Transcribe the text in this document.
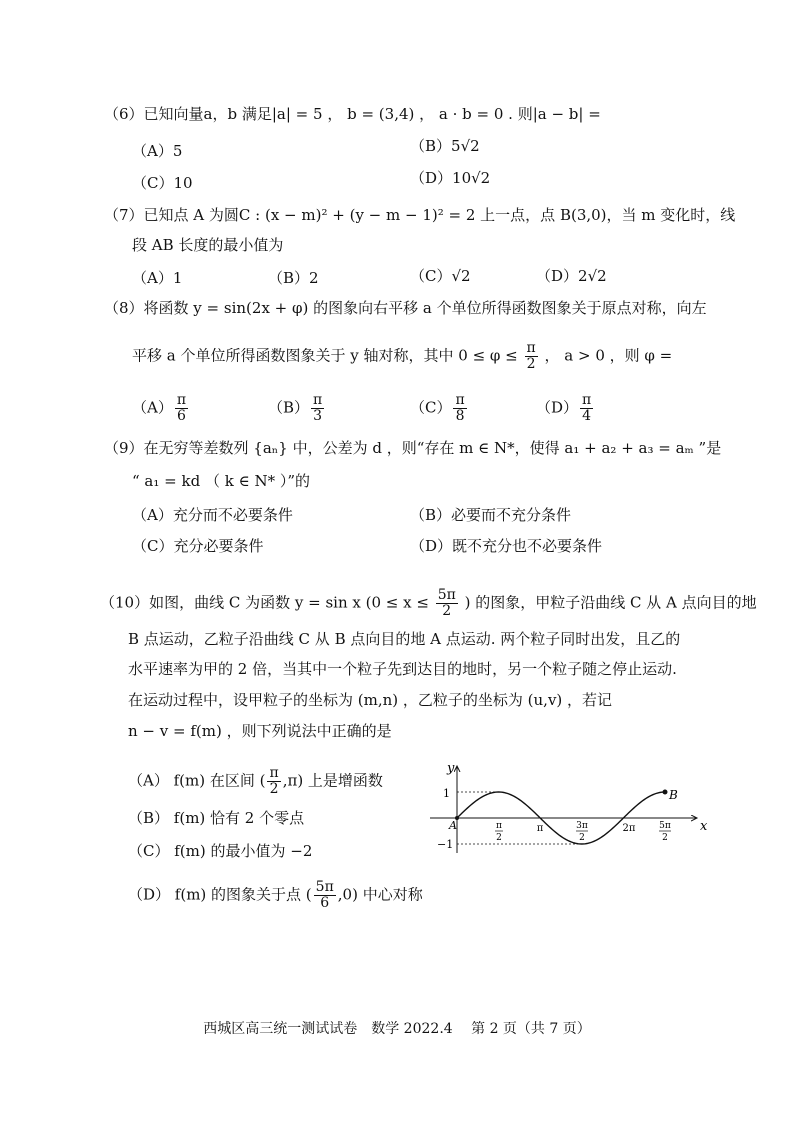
（6）已知向量a，b 满足|a| = 5 ， b = (3,4) ， a · b = 0 . 则|a − b| =
（A）5	（B）5√2
（C）10	（D）10√2
（7）已知点 A 为圆C : (x − m)² + (y − m − 1)² = 2 上一点，点 B(3,0)，当 m 变化时，线
段 AB 长度的最小值为
（A）1	（B）2	（C）√2	（D）2√2
（8）将函数 y = sin(2x + φ) 的图象向右平移 a 个单位所得函数图象关于原点对称，向左
平移 a 个单位所得函数图象关于 y 轴对称，其中 $0 \le \varphi \le \frac{\pi}{2}$ ， a > 0 ，则 φ =
$(A) \frac{\pi}{6}$	$(B) \frac{\pi}{3}$	$(C) \frac{\pi}{8}$	$(D) \frac{\pi}{4}$
（9）在无穷等差数列 {aₙ} 中，公差为 d ，则“存在 m ∈ N*，使得 a₁ + a₂ + a₃ = aₘ ”是
“ a₁ = kd （ k ∈ N* ）”的
（A）充分而不必要条件	（B）必要而不充分条件
（C）充分必要条件	（D）既不充分也不必要条件
（10）如图，曲线 C 为函数 y = sin x ($0 \le x \le \frac{5\pi}{2}$ ) 的图象，甲粒子沿曲线 C 从 A 点向目的地
B 点运动，乙粒子沿曲线 C 从 B 点向目的地 A 点运动. 两个粒子同时出发，且乙的
水平速率为甲的 2 倍，当其中一个粒子先到达目的地时，另一个粒子随之停止运动.
在运动过程中，设甲粒子的坐标为 (m,n) ，乙粒子的坐标为 (u,v) ，若记
n − v = f(m) ，则下列说法中正确的是
（A） f(m) 在区间 ( $\frac{\pi}{2} ,\pi$) 上是增函数
（B） f(m) 恰有 2 个零点
（C） f(m) 的最小值为 −2
（D） f(m) 的图象关于点 ( $\frac{5\pi}{6} ,0$) 中心对称
y
x
1
−1
A
B
π
2
π	3π
2
2π	5π
2
西城区高三统一测试试卷　数学 2022.4　 第 2 页（共 7 页）
